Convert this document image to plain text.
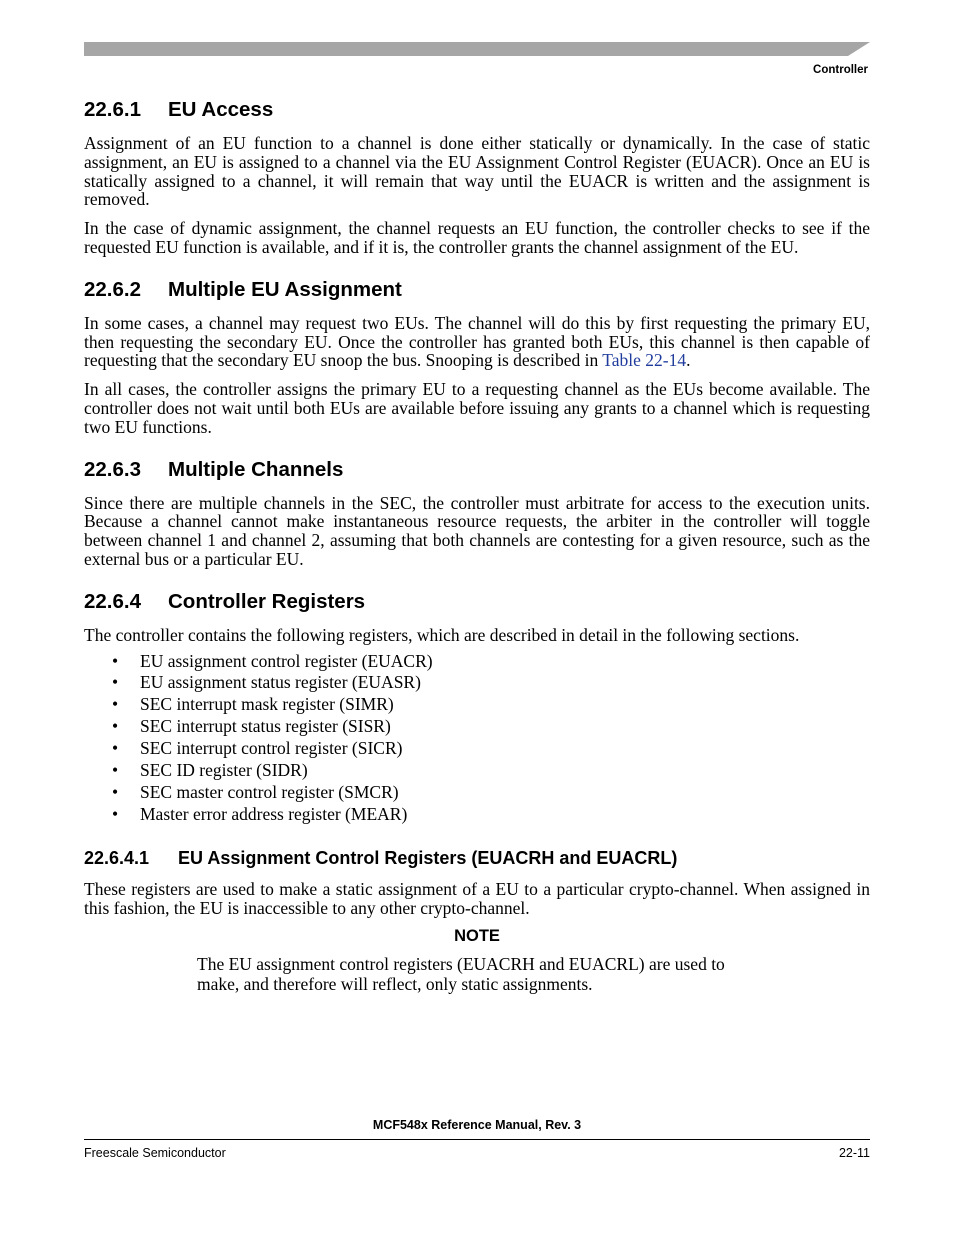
Controller
22.6.1 EU Access

Assignment of an EU function to a channel is done either statically or dynamically. In the case of static assignment, an EU is assigned to a channel via the EU Assignment Control Register (EUACR). Once an EU is statically assigned to a channel, it will remain that way until the EUACR is written and the assignment is removed.

In the case of dynamic assignment, the channel requests an EU function, the controller checks to see if the requested EU function is available, and if it is, the controller grants the channel assignment of the EU.

22.6.2 Multiple EU Assignment

In some cases, a channel may request two EUs. The channel will do this by first requesting the primary EU, then requesting the secondary EU. Once the controller has granted both EUs, this channel is then capable of requesting that the secondary EU snoop the bus. Snooping is described in Table 22-14.

In all cases, the controller assigns the primary EU to a requesting channel as the EUs become available. The controller does not wait until both EUs are available before issuing any grants to a channel which is requesting two EU functions.

22.6.3 Multiple Channels

Since there are multiple channels in the SEC, the controller must arbitrate for access to the execution units. Because a channel cannot make instantaneous resource requests, the arbiter in the controller will toggle between channel 1 and channel 2, assuming that both channels are contesting for a given resource, such as the external bus or a particular EU.

22.6.4 Controller Registers

The controller contains the following registers, which are described in detail in the following sections.

• EU assignment control register (EUACR)
• EU assignment status register (EUASR)
• SEC interrupt mask register (SIMR)
• SEC interrupt status register (SISR)
• SEC interrupt control register (SICR)
• SEC ID register (SIDR)
• SEC master control register (SMCR)
• Master error address register (MEAR)
22.6.4.1 EU Assignment Control Registers (EUACRH and EUACRL)

These registers are used to make a static assignment of a EU to a particular crypto-channel. When assigned in this fashion, the EU is inaccessible to any other crypto-channel.

NOTE
The EU assignment control registers (EUACRH and EUACRL) are used to make, and therefore will reflect, only static assignments.
MCF548x Reference Manual, Rev. 3
Freescale Semiconductor	22-11
